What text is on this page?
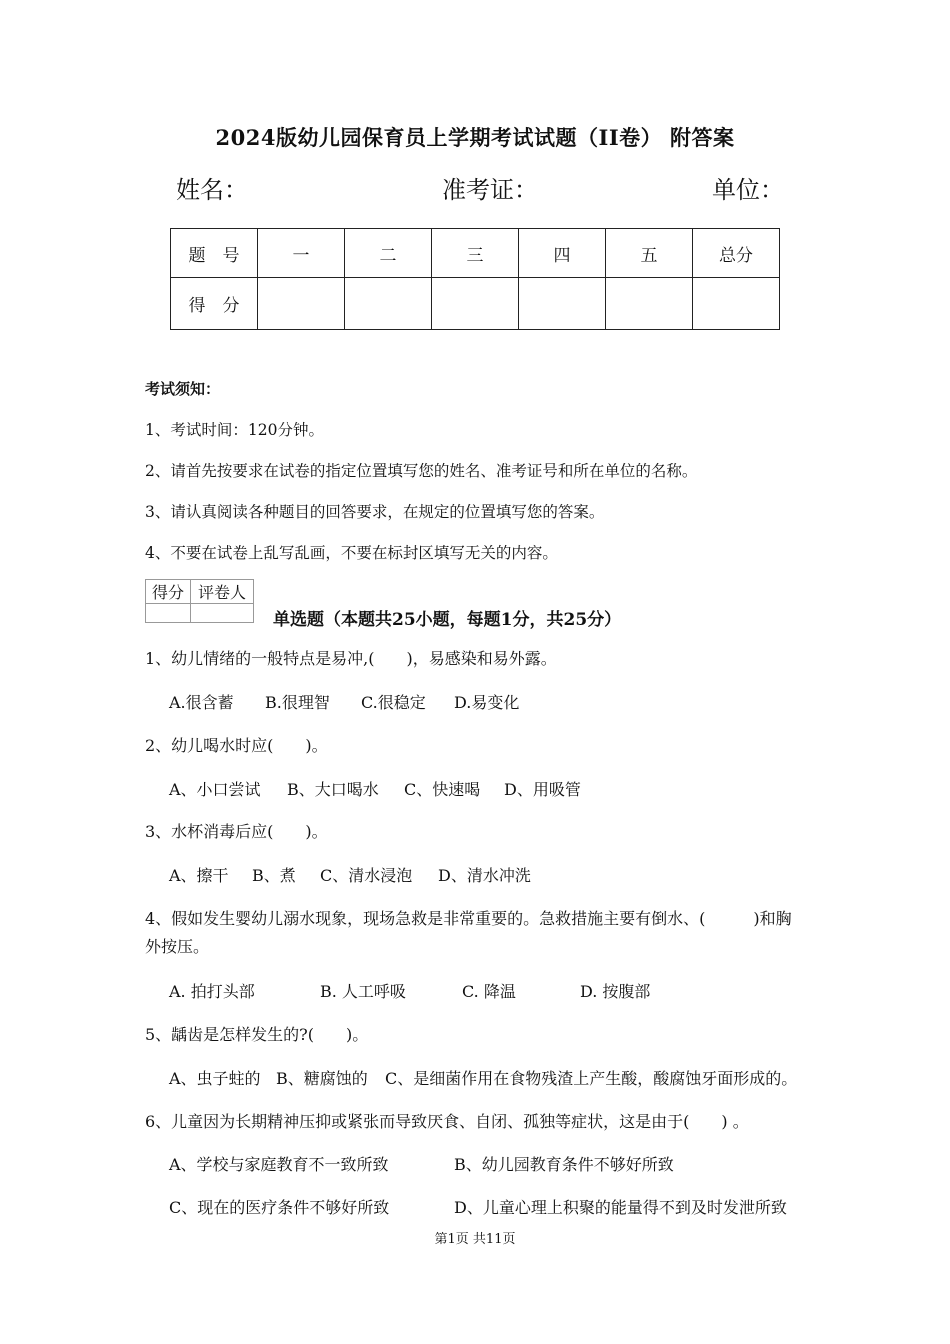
2024版幼儿园保育员上学期考试试题（II卷） 附答案
姓名：	准考证：	单位：
题　号	一	二	三	四	五	总分
得　分						
考试须知：
1、考试时间：120分钟。
2、请首先按要求在试卷的指定位置填写您的姓名、准考证号和所在单位的名称。
3、请认真阅读各种题目的回答要求，在规定的位置填写您的答案。
4、不要在试卷上乱写乱画，不要在标封区填写无关的内容。
得分	评卷人

单选题（本题共25小题，每题1分，共25分）
1、幼儿情绪的一般特点是易冲,(　　)，易感染和易外露。
A.很含蓄 B.很理智 C.很稳定 D.易变化
2、幼儿喝水时应(　　)。
A、小口尝试 B、大口喝水 C、快速喝 D、用吸管
3、水杯消毒后应(　　)。
A、擦干 B、煮 C、清水浸泡 D、清水冲洗
4、假如发生婴幼儿溺水现象，现场急救是非常重要的。急救措施主要有倒水、(　　　)和胸
外按压。
A. 拍打头部	B. 人工呼吸	C. 降温	D. 按腹部
5、龋齿是怎样发生的?(　　)。
A、虫子蛀的 B、糖腐蚀的 C、是细菌作用在食物残渣上产生酸，酸腐蚀牙面形成的。
6、儿童因为长期精神压抑或紧张而导致厌食、自闭、孤独等症状，这是由于(　　) 。
A、学校与家庭教育不一致所致	B、幼儿园教育条件不够好所致
C、现在的医疗条件不够好所致	D、儿童心理上积聚的能量得不到及时发泄所致
第1页 共11页
